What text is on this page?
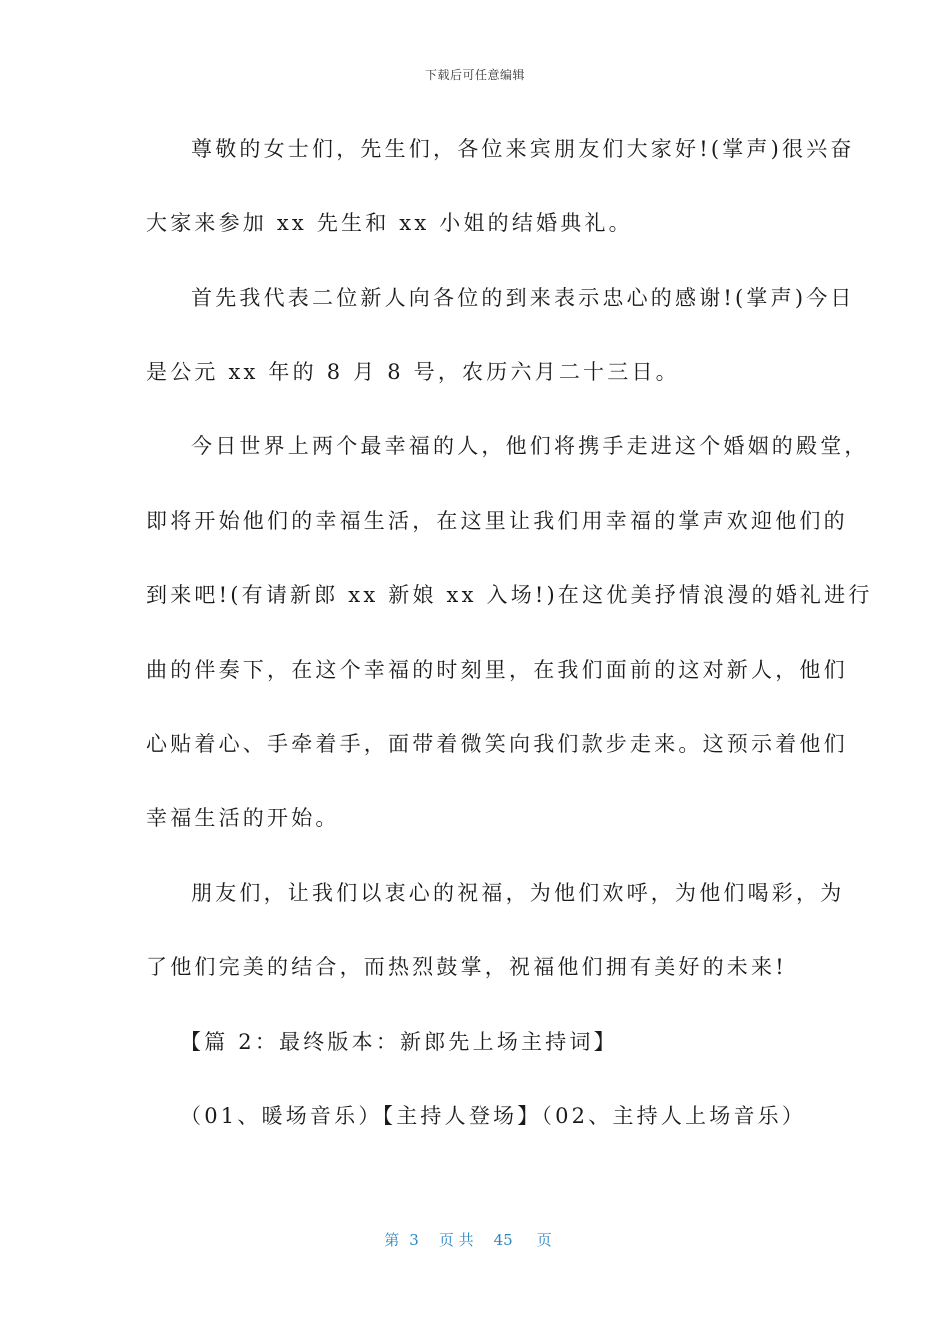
下载后可任意编辑
尊敬的女士们，先生们，各位来宾朋友们大家好!(掌声)很兴奋
大家来参加 xx 先生和 xx 小姐的结婚典礼。
首先我代表二位新人向各位的到来表示忠心的感谢!(掌声)今日
是公元 xx 年的 8 月 8 号，农历六月二十三日。
今日世界上两个最幸福的人，他们将携手走进这个婚姻的殿堂，
即将开始他们的幸福生活，在这里让我们用幸福的掌声欢迎他们的
到来吧!(有请新郎 xx 新娘 xx 入场!)在这优美抒情浪漫的婚礼进行
曲的伴奏下，在这个幸福的时刻里，在我们面前的这对新人，他们
心贴着心、手牵着手，面带着微笑向我们款步走来。这预示着他们
幸福生活的开始。
朋友们，让我们以衷心的祝福，为他们欢呼，为他们喝彩，为
了他们完美的结合，而热烈鼓掌，祝福他们拥有美好的未来!
【篇 2：最终版本：新郎先上场主持词】
（01、暖场音乐）【主持人登场】（02、主持人上场音乐）
第 3 页 共 45 页
